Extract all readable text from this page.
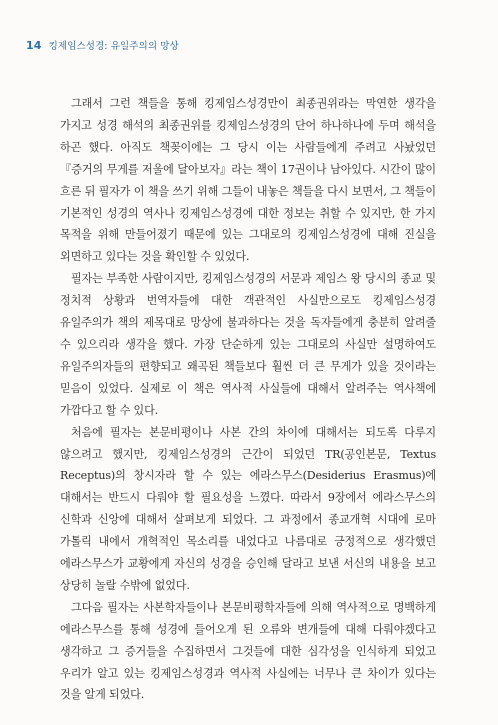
14 킹제임스성경: 유일주의의 망상

그래서 그런 책들을 통해 킹제임스성경만이 최종권위라는 막연한 생각을 가지고 성경 해석의 최종권위를 킹제임스성경의 단어 하나하나에 두며 해석을 하곤 했다. 아직도 책꽂이에는 그 당시 이는 사람들에게 주려고 사놨었던 『증거의 무게를 저울에 달아보자』라는 책이 17권이나 남아있다. 시간이 많이 흐른 뒤 필자가 이 책을 쓰기 위해 그들이 내놓은 책들을 다시 보면서, 그 책들이 기본적인 성경의 역사나 킹제임스성경에 대한 정보는 취할 수 있지만, 한 가지 목적을 위해 만들어졌기 때문에 있는 그대로의 킹제임스성경에 대해 진실을 외면하고 있다는 것을 확인할 수 있었다.

필자는 부족한 사람이지만, 킹제임스성경의 서문과 제임스 왕 당시의 종교 및 정치적 상황과 번역자들에 대한 객관적인 사실만으로도 킹제임스성경 유일주의가 책의 제목대로 망상에 불과하다는 것을 독자들에게 충분히 알려줄 수 있으리라 생각을 했다. 가장 단순하게 있는 그대로의 사실만 설명하여도 유일주의자들의 편향되고 왜곡된 책들보다 훨씬 더 큰 무게가 있을 것이라는 믿음이 있었다. 실제로 이 책은 역사적 사실들에 대해서 알려주는 역사책에 가깝다고 할 수 있다.

처음에 필자는 본문비평이나 사본 간의 차이에 대해서는 되도록 다루지 않으려고 했지만, 킹제임스성경의 근간이 되었던 TR(공인본문, Textus Receptus)의 창시자라 할 수 있는 에라스무스(Desiderius Erasmus)에 대해서는 반드시 다뤄야 할 필요성을 느꼈다. 따라서 9장에서 에라스무스의 신학과 신앙에 대해서 살펴보게 되었다. 그 과정에서 종교개혁 시대에 로마 가톨릭 내에서 개혁적인 목소리를 내었다고 나름대로 긍정적으로 생각했던 에라스무스가 교황에게 자신의 성경을 승인해 달라고 보낸 서신의 내용을 보고 상당히 놀랄 수밖에 없었다.

그다음 필자는 사본학자들이나 본문비평학자들에 의해 역사적으로 명백하게 에라스무스를 통해 성경에 들어오게 된 오류와 변개들에 대해 다뤄야겠다고 생각하고 그 증거들을 수집하면서 그것들에 대한 심각성을 인식하게 되었고 우리가 알고 있는 킹제임스성경과 역사적 사실에는 너무나 큰 차이가 있다는 것을 알게 되었다.
